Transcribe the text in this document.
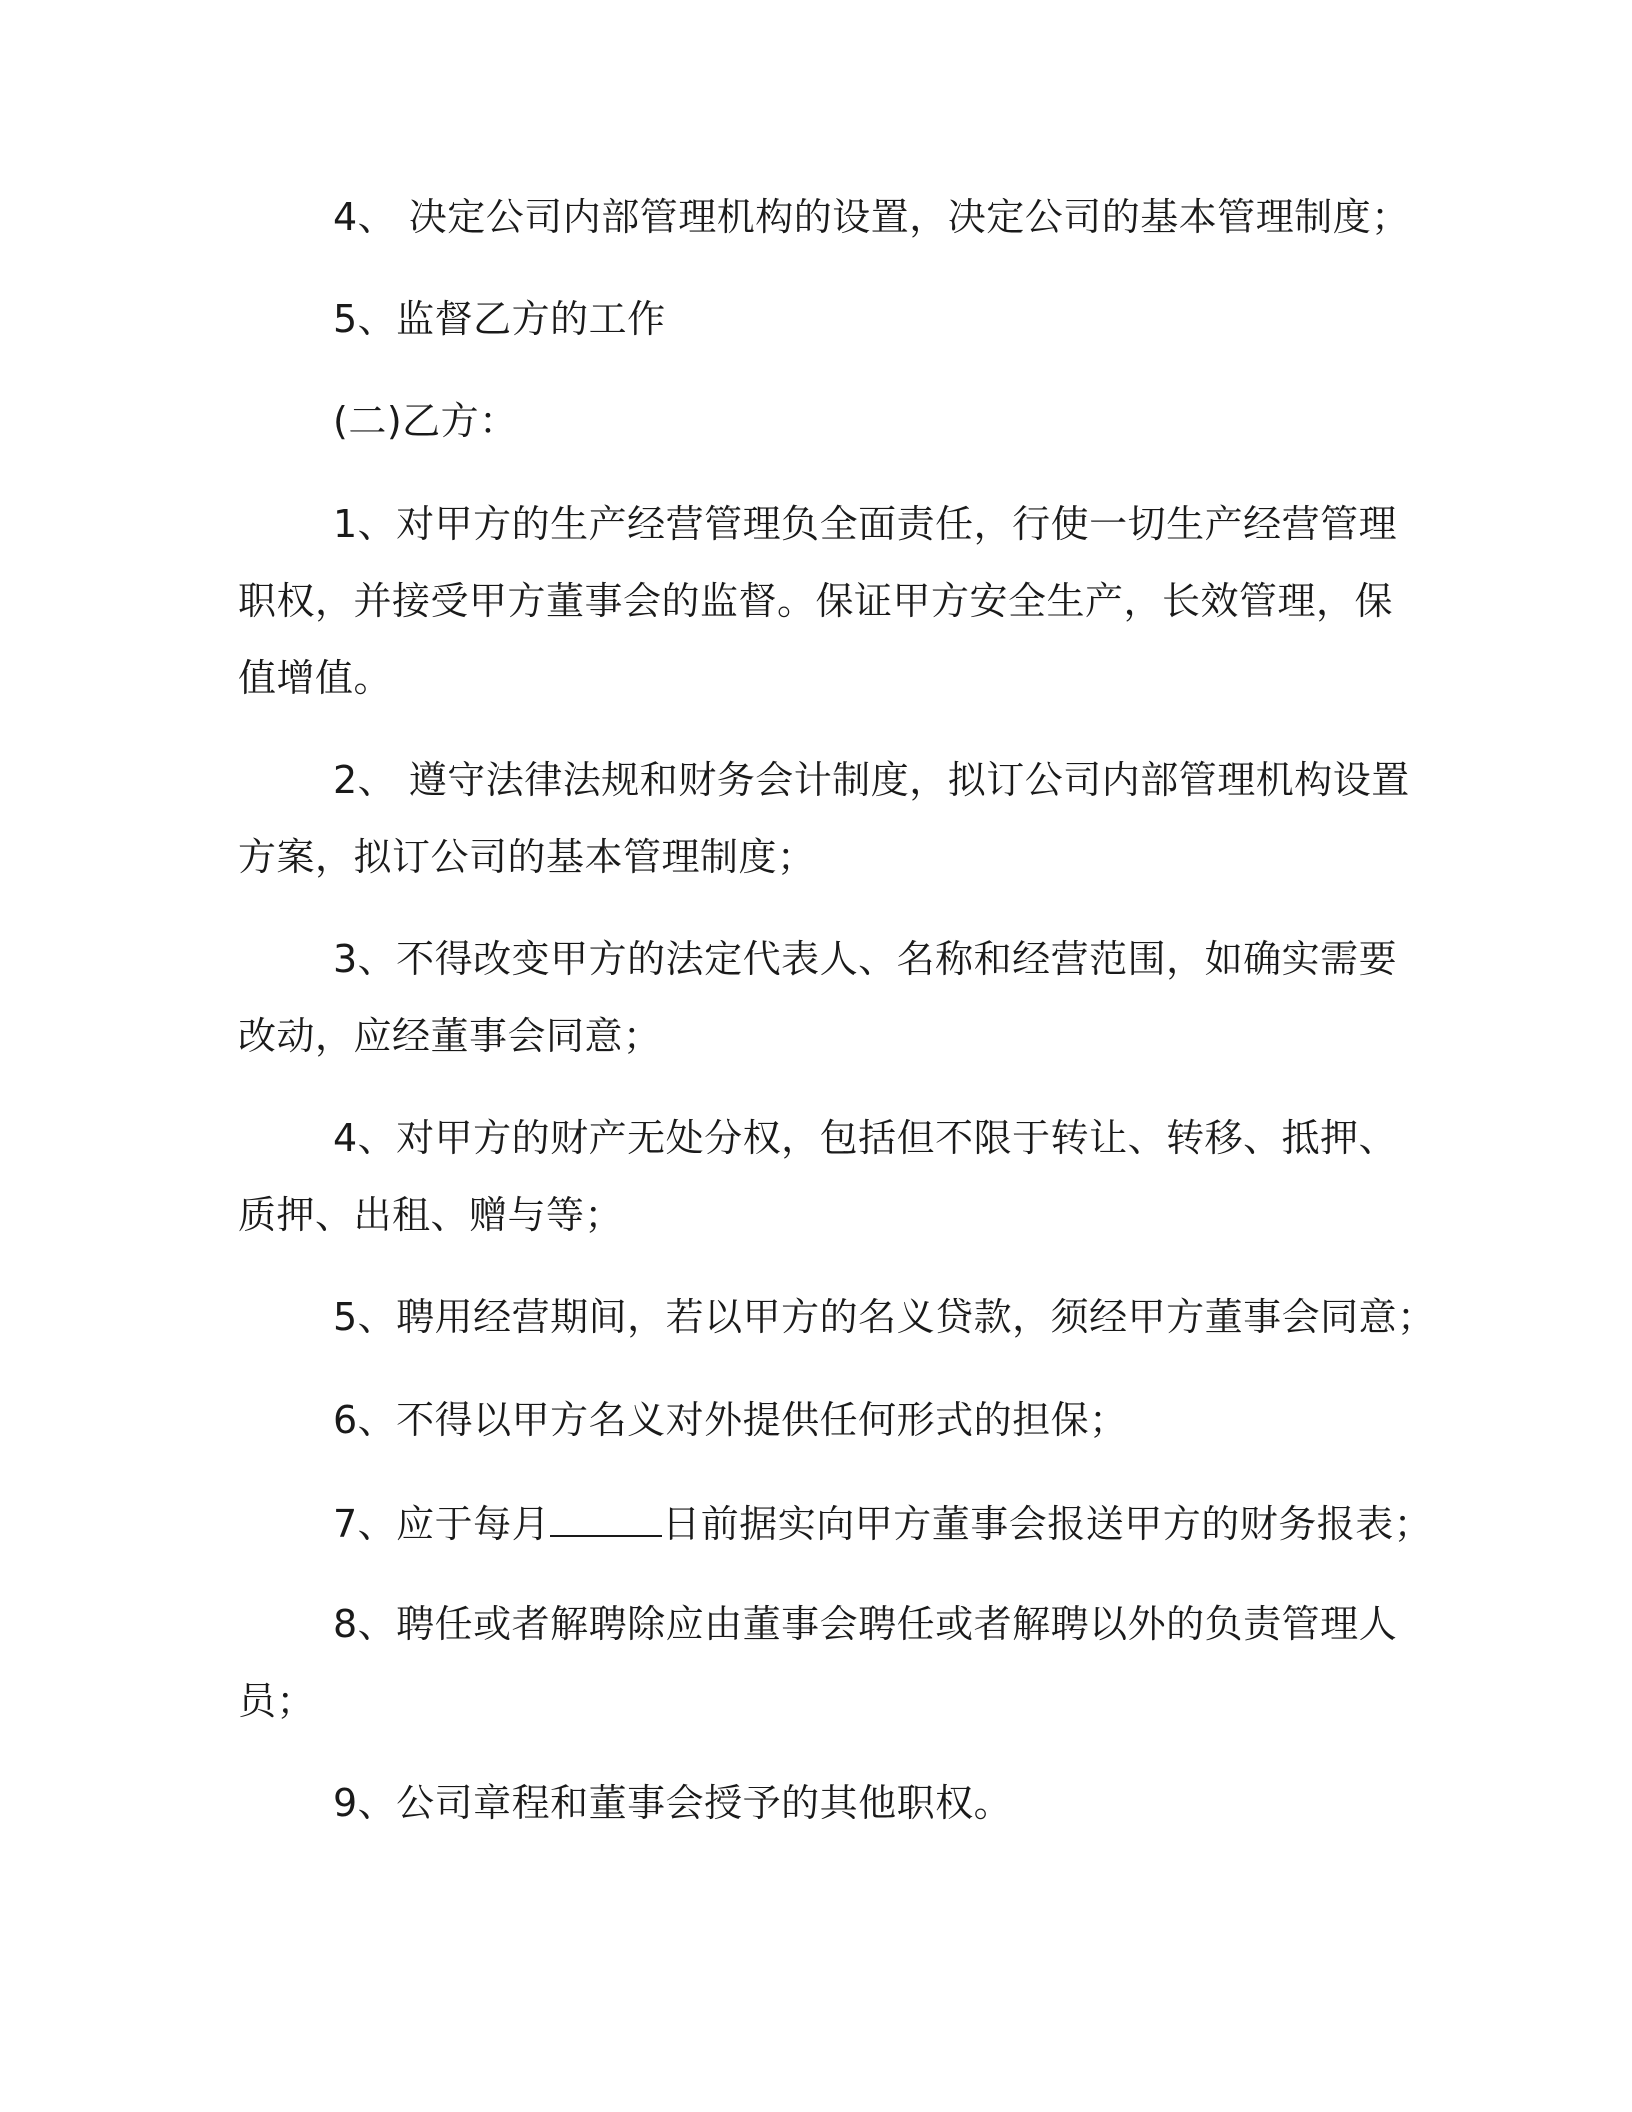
4、 决定公司内部管理机构的设置，决定公司的基本管理制度；
5、监督乙方的工作
(二)乙方：
1、对甲方的生产经营管理负全面责任，行使一切生产经营管理
职权，并接受甲方董事会的监督。保证甲方安全生产，长效管理，保
值增值。
2、 遵守法律法规和财务会计制度，拟订公司内部管理机构设置
方案，拟订公司的基本管理制度；
3、不得改变甲方的法定代表人、名称和经营范围，如确实需要
改动，应经董事会同意；
4、对甲方的财产无处分权，包括但不限于转让、转移、抵押、
质押、出租、赠与等；
5、聘用经营期间，若以甲方的名义贷款，须经甲方董事会同意；
6、不得以甲方名义对外提供任何形式的担保；
7、应于每月	日前据实向甲方董事会报送甲方的财务报表；
8、聘任或者解聘除应由董事会聘任或者解聘以外的负责管理人
员；
9、公司章程和董事会授予的其他职权。
